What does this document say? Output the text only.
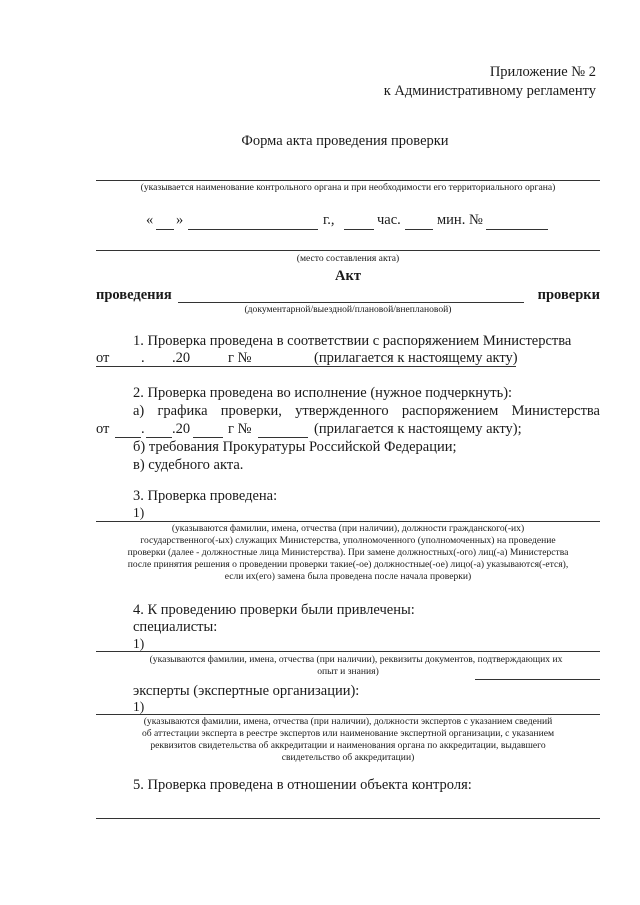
Приложение № 2
к Административному регламенту
Форма акта проведения проверки
(указывается наименование контрольного органа и при необходимости его территориального органа)
« »	г.,	час. мин. №
(место составления акта)
Акт
проведения	проверки
(документарной/выездной/плановой/внеплановой)
1. Проверка проведена в соответствии с распоряжением Министерства
от . .20	г №	(прилагается к настоящему акту)
2. Проверка проведена во исполнение (нужное подчеркнуть):
а) графика проверки, утвержденного распоряжением Министерства
от . .20	г №	(прилагается к настоящему акту);
б) требования Прокуратуры Российской Федерации;
в) судебного акта.
3. Проверка проведена:
1)
(указываются фамилии, имена, отчества (при наличии), должности гражданского(-их)
государственного(-ых) служащих Министерства, уполномоченного (уполномоченных) на проведение
проверки (далее - должностные лица Министерства). При замене должностных(-ого) лиц(-а) Министерства
после принятия решения о проведении проверки такие(-ое) должностные(-ое) лицо(-а) указываются(-ется),
если их(его) замена была проведена после начала проверки)
4. К проведению проверки были привлечены:
специалисты:
1)
(указываются фамилии, имена, отчества (при наличии), реквизиты документов, подтверждающих их
опыт и знания)
эксперты (экспертные организации):
1)
(указываются фамилии, имена, отчества (при наличии), должности экспертов с указанием сведений
об аттестации эксперта в реестре экспертов или наименование экспертной организации, с указанием
реквизитов свидетельства об аккредитации и наименования органа по аккредитации, выдавшего
свидетельство об аккредитации)
5. Проверка проведена в отношении объекта контроля:
